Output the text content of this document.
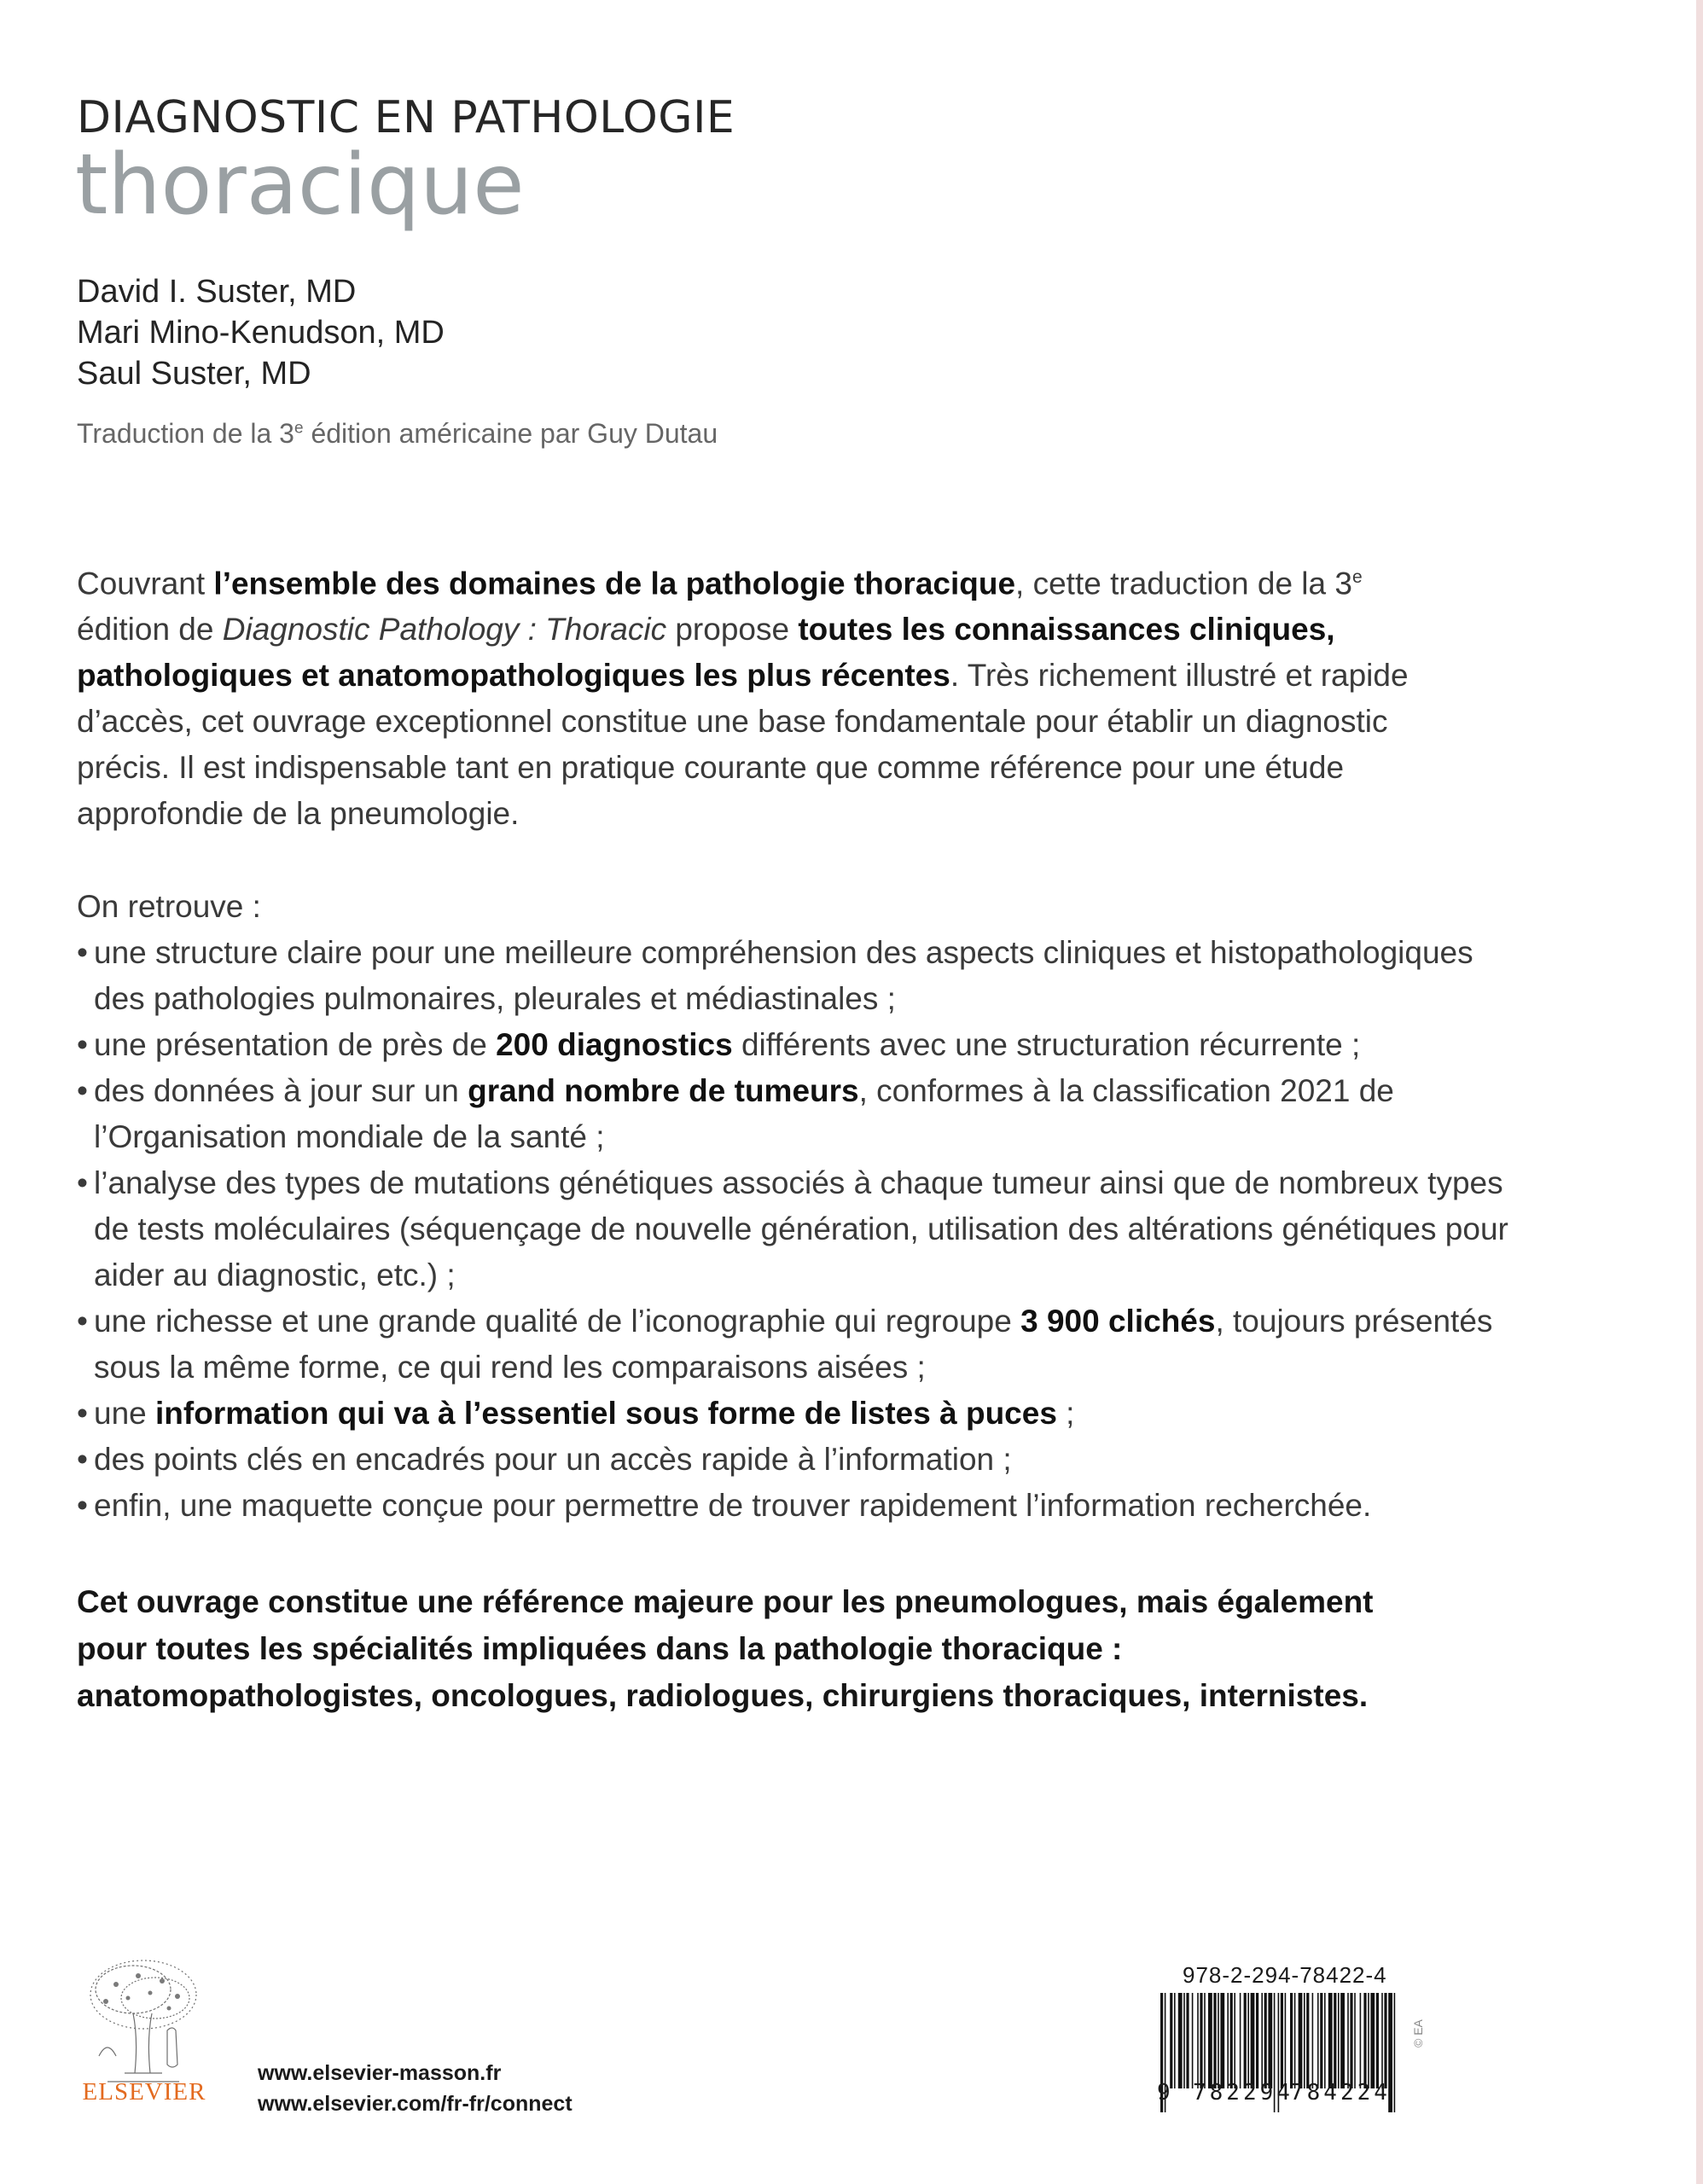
DIAGNOSTIC EN PATHOLOGIE
thoracique
David I. Suster, MD
Mari Mino-Kenudson, MD
Saul Suster, MD
Traduction de la 3e édition américaine par Guy Dutau

Couvrant l’ensemble des domaines de la pathologie thoracique, cette traduction de la 3e édition de Diagnostic Pathology : Thoracic propose toutes les connaissances cliniques, pathologiques et anatomopathologiques les plus récentes. Très richement illustré et rapide d’accès, cet ouvrage exceptionnel constitue une base fondamentale pour établir un diagnostic précis. Il est indispensable tant en pratique courante que comme référence pour une étude approfondie de la pneumologie.

On retrouve :
• une structure claire pour une meilleure compréhension des aspects cliniques et histopathologiques des pathologies pulmonaires, pleurales et médiastinales ;
• une présentation de près de 200 diagnostics différents avec une structuration récurrente ;
• des données à jour sur un grand nombre de tumeurs, conformes à la classification 2021 de l’Organisation mondiale de la santé ;
• l’analyse des types de mutations génétiques associés à chaque tumeur ainsi que de nombreux types de tests moléculaires (séquençage de nouvelle génération, utilisation des altérations génétiques pour aider au diagnostic, etc.) ;
• une richesse et une grande qualité de l’iconographie qui regroupe 3 900 clichés, toujours présentés sous la même forme, ce qui rend les comparaisons aisées ;
• une information qui va à l’essentiel sous forme de listes à puces ;
• des points clés en encadrés pour un accès rapide à l’information ;
• enfin, une maquette conçue pour permettre de trouver rapidement l’information recherchée.

Cet ouvrage constitue une référence majeure pour les pneumologues, mais également pour toutes les spécialités impliquées dans la pathologie thoracique : anatomopathologistes, oncologues, radiologues, chirurgiens thoraciques, internistes.

ELSEVIER
www.elsevier-masson.fr
www.elsevier.com/fr-fr/connect
978-2-294-78422-4
9 782294
784224
© EA
